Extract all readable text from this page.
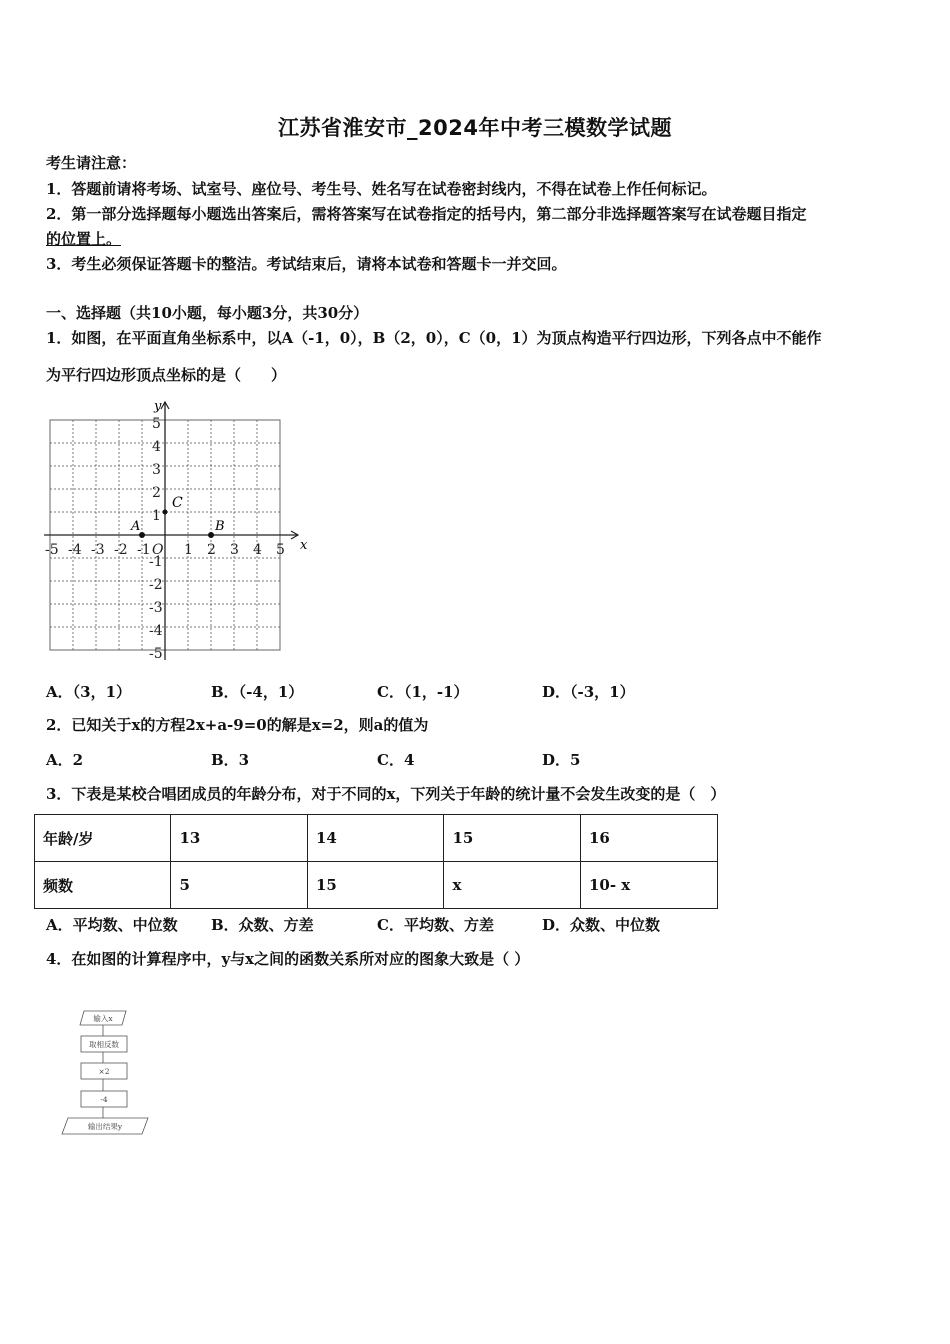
江苏省淮安市_2024年中考三模数学试题
考生请注意：
1．答题前请将考场、试室号、座位号、考生号、姓名写在试卷密封线内，不得在试卷上作任何标记。
2．第一部分选择题每小题选出答案后，需将答案写在试卷指定的括号内，第二部分非选择题答案写在试卷题目指定
的位置上。
3．考生必须保证答题卡的整洁。考试结束后，请将本试卷和答题卡一并交回。
一、选择题（共10小题，每小题3分，共30分）
1．如图，在平面直角坐标系中，以A（-1，0），B（2，0），C（0，1）为顶点构造平行四边形，下列各点中不能作
为平行四边形顶点坐标的是（　　）
x
y
-5 -4 -3 -2 -1 O 1 2 3 4 5
5
4
3
2
1
-1
-2
-3
-4
-5
A	B
C
A．（3，1）	B．（-4，1）	C．（1，-1）	D．（-3，1）
2．已知关于x的方程2x+a-9=0的解是x=2，则a的值为
A．2	B．3	C．4	D．5
3．下表是某校合唱团成员的年龄分布，对于不同的x，下列关于年龄的统计量不会发生改变的是（　）
年龄/岁	13	14	15	16
频数	5	15	x	10- x
A．平均数、中位数 B．众数、方差	C．平均数、方差	D．众数、中位数
4．在如图的计算程序中，y与x之间的函数关系所对应的图象大致是（ ）
输入x
取相反数
×2
-4
输出结果y
